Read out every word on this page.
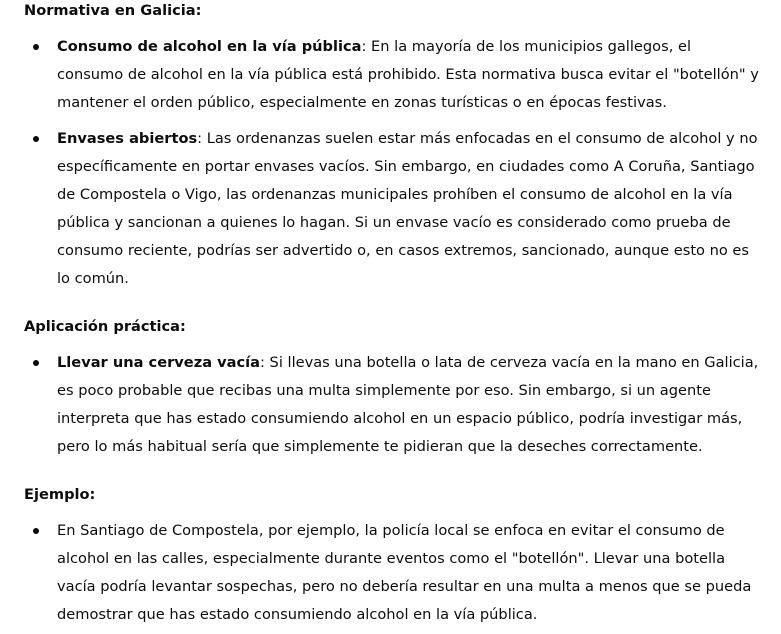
Normativa en Galicia:
Consumo de alcohol en la vía pública: En la mayoría de los municipios gallegos, el consumo de alcohol en la vía pública está prohibido. Esta normativa busca evitar el "botellón" y mantener el orden público, especialmente en zonas turísticas o en épocas festivas.
Envases abiertos: Las ordenanzas suelen estar más enfocadas en el consumo de alcohol y no específicamente en portar envases vacíos. Sin embargo, en ciudades como A Coruña, Santiago de Compostela o Vigo, las ordenanzas municipales prohíben el consumo de alcohol en la vía pública y sancionan a quienes lo hagan. Si un envase vacío es considerado como prueba de consumo reciente, podrías ser advertido o, en casos extremos, sancionado, aunque esto no es lo común.
Aplicación práctica:
Llevar una cerveza vacía: Si llevas una botella o lata de cerveza vacía en la mano en Galicia, es poco probable que recibas una multa simplemente por eso. Sin embargo, si un agente interpreta que has estado consumiendo alcohol en un espacio público, podría investigar más, pero lo más habitual sería que simplemente te pidieran que la deseches correctamente.
Ejemplo:
En Santiago de Compostela, por ejemplo, la policía local se enfoca en evitar el consumo de alcohol en las calles, especialmente durante eventos como el "botellón". Llevar una botella vacía podría levantar sospechas, pero no debería resultar en una multa a menos que se pueda demostrar que has estado consumiendo alcohol en la vía pública.
